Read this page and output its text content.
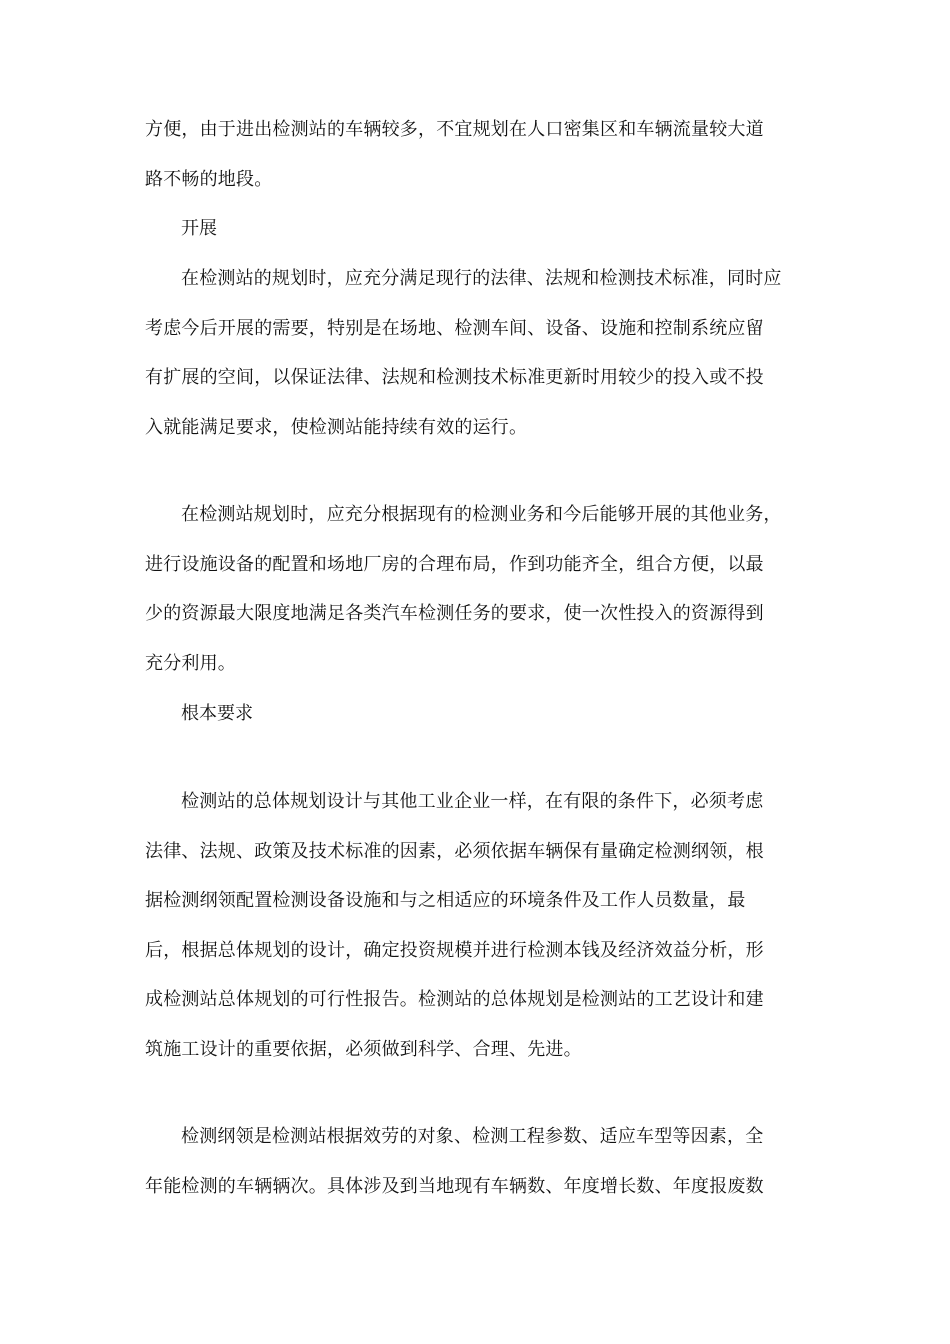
方便，由于进出检测站的车辆较多，不宜规划在人口密集区和车辆流量较大道
路不畅的地段。
开展
在检测站的规划时，应充分满足现行的法律、法规和检测技术标准，同时应
考虑今后开展的需要，特别是在场地、检测车间、设备、设施和控制系统应留
有扩展的空间，以保证法律、法规和检测技术标准更新时用较少的投入或不投
入就能满足要求，使检测站能持续有效的运行。
在检测站规划时，应充分根据现有的检测业务和今后能够开展的其他业务，
进行设施设备的配置和场地厂房的合理布局，作到功能齐全，组合方便，以最
少的资源最大限度地满足各类汽车检测任务的要求，使一次性投入的资源得到
充分利用。
根本要求
检测站的总体规划设计与其他工业企业一样，在有限的条件下，必须考虑
法律、法规、政策及技术标准的因素，必须依据车辆保有量确定检测纲领，根
据检测纲领配置检测设备设施和与之相适应的环境条件及工作人员数量，最
后，根据总体规划的设计，确定投资规模并进行检测本钱及经济效益分析，形
成检测站总体规划的可行性报告。检测站的总体规划是检测站的工艺设计和建
筑施工设计的重要依据，必须做到科学、合理、先进。
检测纲领是检测站根据效劳的对象、检测工程参数、适应车型等因素，全
年能检测的车辆辆次。具体涉及到当地现有车辆数、年度增长数、年度报废数
